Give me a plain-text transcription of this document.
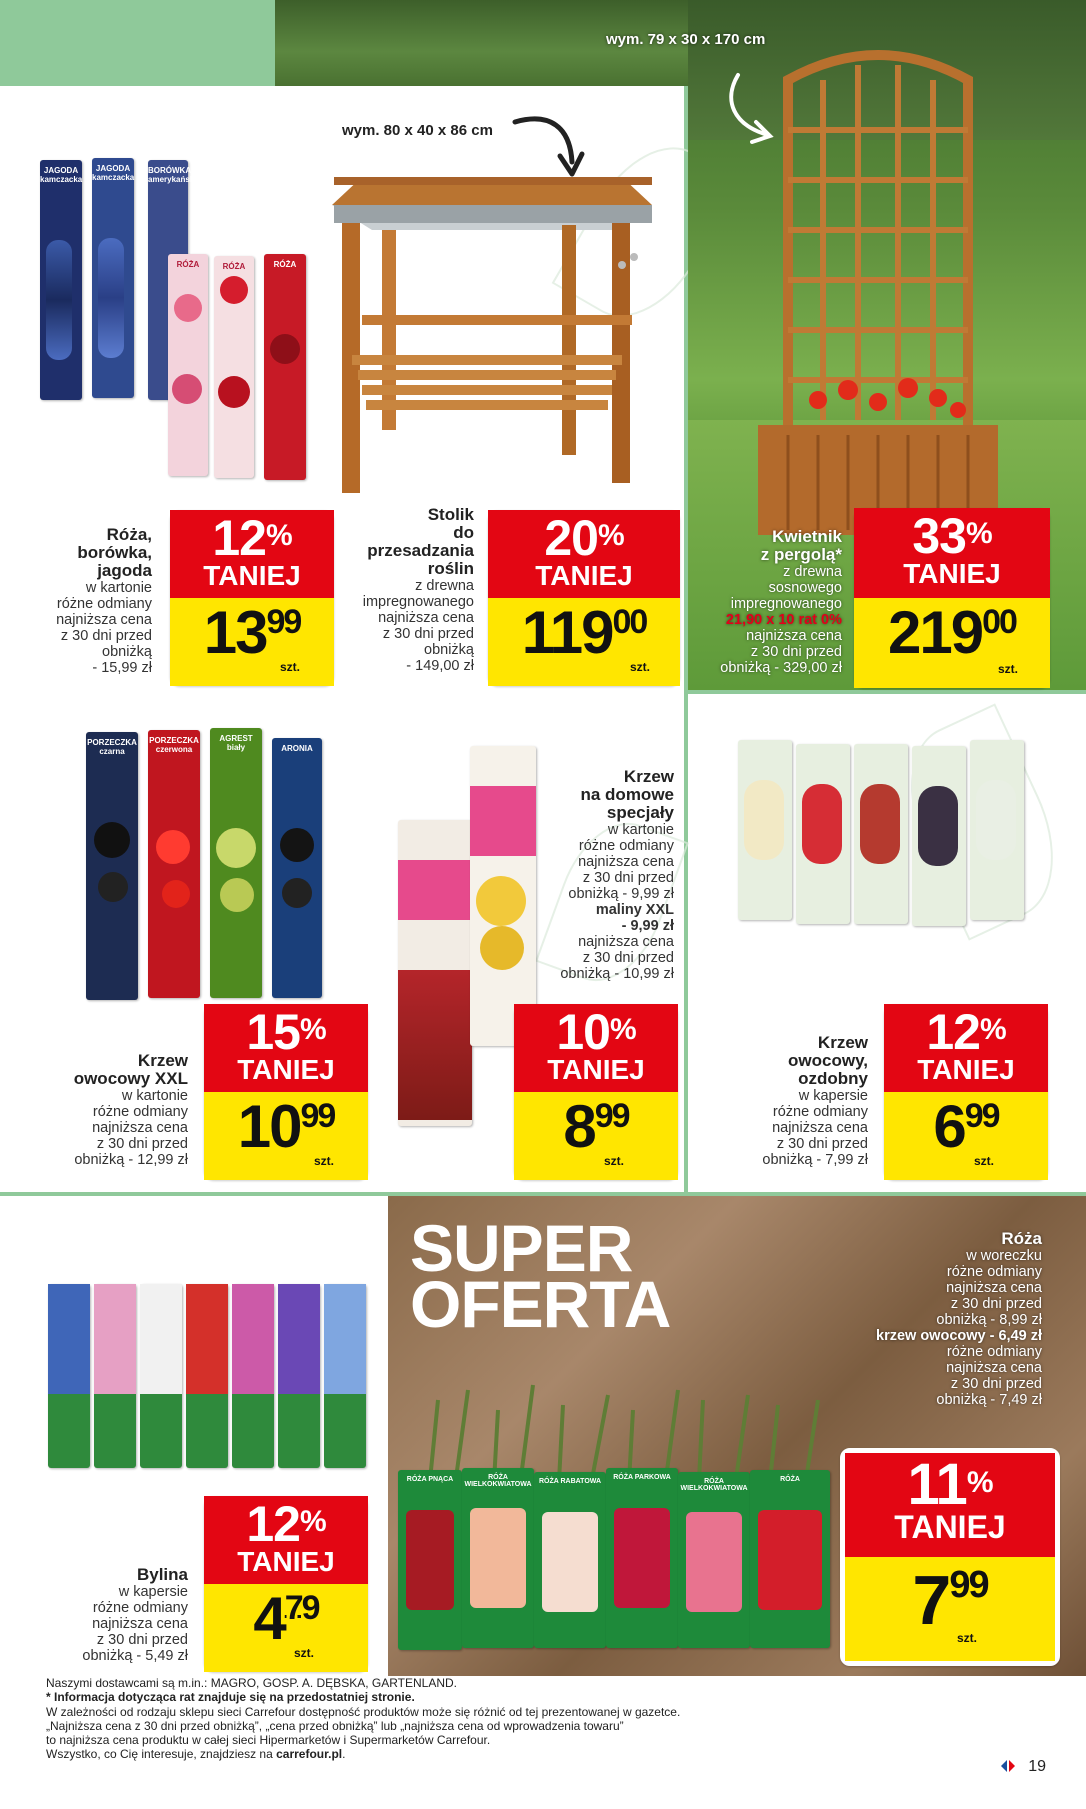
JAGODA kamczacka
JAGODA kamczacka
BORÓWKA amerykańska
RÓŻA	RÓŻA	RÓŻA
Róża,
borówka,
jagoda
w kartonie
różne odmiany
najniższa cena
z 30 dni przed
obniżką
- 15,99 zł
12%
TANIEJ
1399
szt.
wym. 80 x 40 x 86 cm
Stolik
do
przesadzania
roślin
z drewna
impregnowanego
najniższa cena
z 30 dni przed
obniżką
- 149,00 zł
20%
TANIEJ
11900
szt.
wym. 79 x 30 x 170 cm
Kwietnik
z pergolą*
z drewna
sosnowego
impregnowanego
21,90 x 10 rat 0%
najniższa cena
z 30 dni przed
obniżką - 329,00 zł
33%
TANIEJ
21900
szt.
PORZECZKA czarna
PORZECZKA czerwona
AGREST biały	ARONIA
Krzew
owocowy XXL
w kartonie
różne odmiany
najniższa cena
z 30 dni przed
obniżką - 12,99 zł
15%
TANIEJ
1099
szt.
Krzew
na domowe
specjały
w kartonie
różne odmiany
najniższa cena
z 30 dni przed
obniżką - 9,99 zł
maliny XXL
- 9,99 zł
najniższa cena
z 30 dni przed
obniżką - 10,99 zł
10%
TANIEJ
899
szt.
Krzew
owocowy,
ozdobny
w kapersie
różne odmiany
najniższa cena
z 30 dni przed
obniżką - 7,99 zł
12%
TANIEJ
699
szt.
Bylina
w kapersie
różne odmiany
najniższa cena
z 30 dni przed
obniżką - 5,49 zł
12%
TANIEJ
479
szt.
SUPER
OFERTA
RÓŻA PNĄCA	RÓŻA WIELKOKWIATOWA	RÓŻA RABATOWA
RÓŻA PARKOWA
RÓŻA WIELKOKWIATOWA
RÓŻA
Róża
w woreczku
różne odmiany
najniższa cena
z 30 dni przed
obniżką - 8,99 zł
krzew owocowy - 6,49 zł
różne odmiany
najniższa cena
z 30 dni przed
obniżką - 7,49 zł
11%
TANIEJ
799
szt.
Naszymi dostawcami są m.in.: MAGRO, GOSP. A. DĘBSKA, GARTENLAND.
* Informacja dotycząca rat znajduje się na przedostatniej stronie.
W zależności od rodzaju sklepu sieci Carrefour dostępność produktów może się różnić od tej prezentowanej w gazetce.
„Najniższa cena z 30 dni przed obniżką”, „cena przed obniżką” lub „najniższa cena od wprowadzenia towaru”
to najniższa cena produktu w całej sieci Hipermarketów i Supermarketów Carrefour.
Wszystko, co Cię interesuje, znajdziesz na carrefour.pl.
19
